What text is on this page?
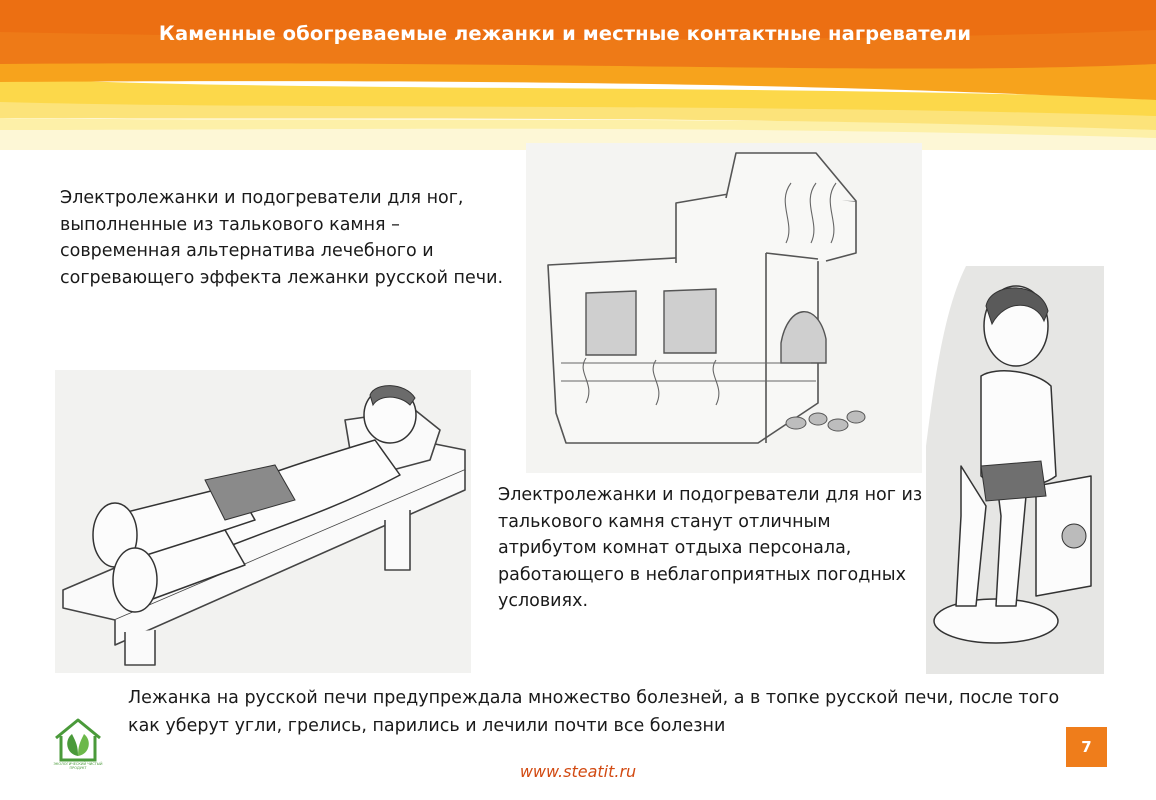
Каменные обогреваемые лежанки и местные контактные нагреватели
Электролежанки и подогреватели для ног, выполненные из талькового камня – современная альтернатива лечебного и согревающего эффекта лежанки русской печи.
Электролежанки и подогреватели для ног из талькового камня станут отличным атрибутом комнат отдыха персонала, работающего в неблагоприятных погодных условиях.
Лежанка на русской печи предупреждала множество болезней, а в топке русской печи, после того как уберут угли, грелись, парились и лечили почти все болезни
ЭКОЛОГИЧЕСКИЙ ЧИСТЫЙ ПРОДУКТ
7
www.steatit.ru
